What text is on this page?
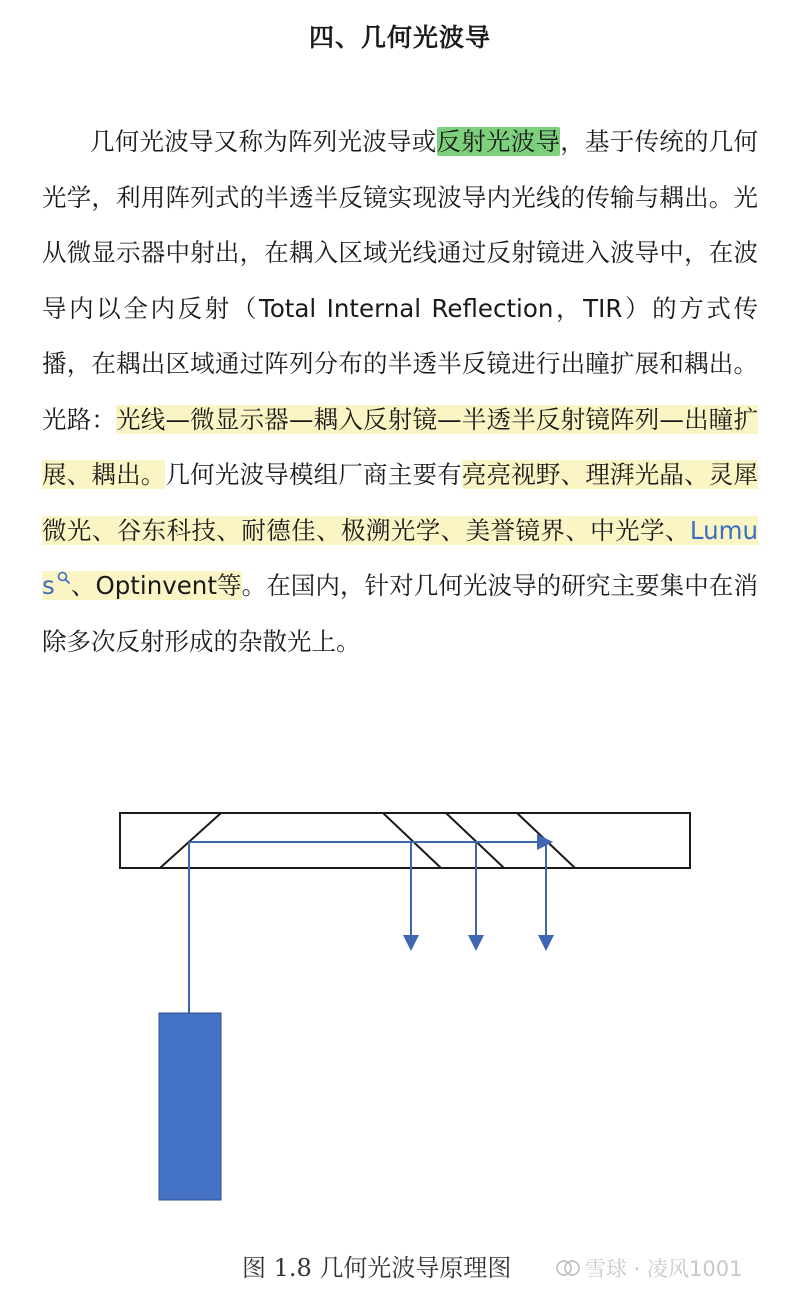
四、几何光波导

几何光波导又称为阵列光波导或反射光波导，基于传统的几何光学，利用阵列式的半透半反镜实现波导内光线的传输与耦出。光从微显示器中射出，在耦入区域光线通过反射镜进入波导中，在波导内以全内反射（Total Internal Reflection，TIR）的方式传播，在耦出区域通过阵列分布的半透半反镜进行出瞳扩展和耦出。光路：光线—微显示器—耦入反射镜—半透半反射镜阵列—出瞳扩展、耦出。几何光波导模组厂商主要有亮亮视野、理湃光晶、灵犀微光、谷东科技、耐德佳、极溯光学、美誉镜界、中光学、Lumus 、Optinvent等。在国内，针对几何光波导的研究主要集中在消除多次反射形成的杂散光上。

图 1.8 几何光波导原理图	雪球 · 凌风1001
